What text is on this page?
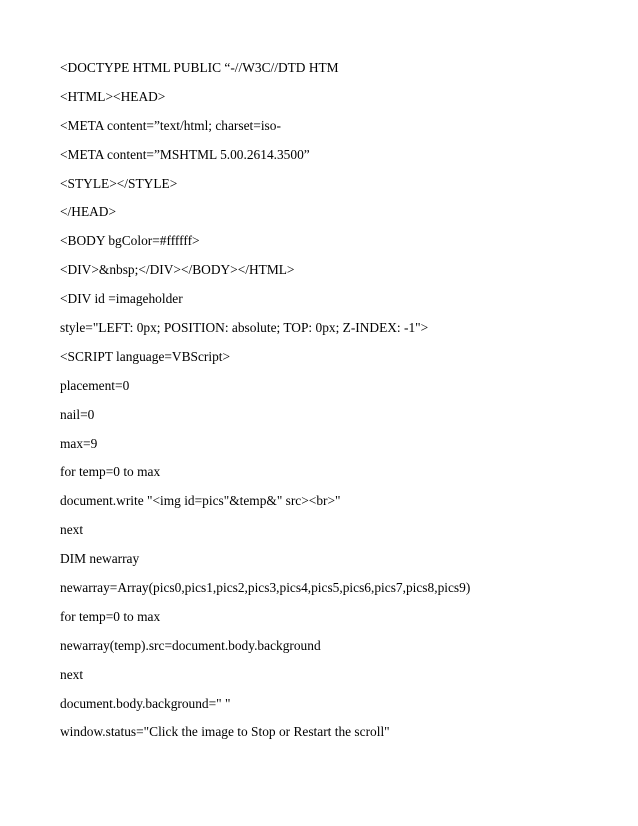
<DOCTYPE HTML PUBLIC “-//W3C//DTD HTM
<HTML><HEAD>
<META content=”text/html; charset=iso-
<META content=”MSHTML 5.00.2614.3500”
<STYLE></STYLE>
</HEAD>
<BODY bgColor=#ffffff>
<DIV>&nbsp;</DIV></BODY></HTML>
<DIV id =imageholder
style="LEFT: 0px; POSITION: absolute; TOP: 0px; Z-INDEX: -1">
<SCRIPT language=VBScript>
placement=0
nail=0
max=9
for temp=0 to max
document.write "<img id=pics"&temp&" src><br>"
next
DIM newarray
newarray=Array(pics0,pics1,pics2,pics3,pics4,pics5,pics6,pics7,pics8,pics9)
for temp=0 to max
newarray(temp).src=document.body.background
next
document.body.background=" "
window.status="Click the image to Stop or Restart the scroll"
